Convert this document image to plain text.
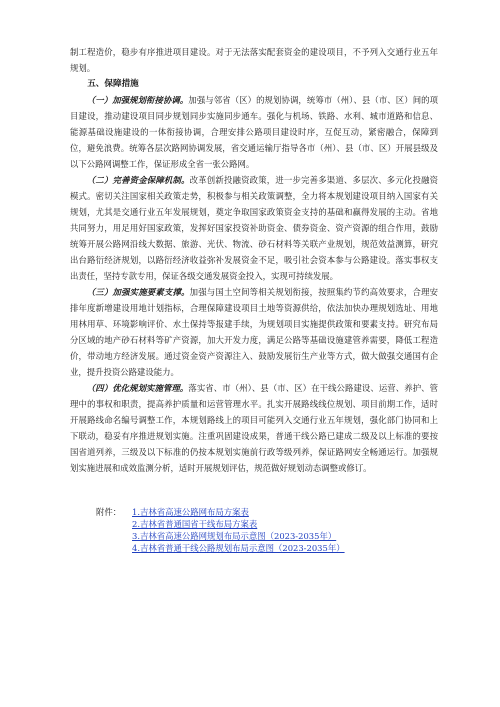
制工程造价，稳步有序推进项目建设。对于无法落实配套资金的建设项目，不予列入交通行业五年规划。

五、保障措施

（一）加强规划衔接协调。加强与邻省（区）的规划协调，统筹市（州）、县（市、区）间的项目建设，推动建设项目同步规划同步实施同步通车。强化与机场、铁路、水利、城市道路和信息、能源基础设施建设的一体衔接协调，合理安排公路项目建设时序，互促互动，紧密融合，保障到位，避免浪费。统筹各层次路网协调发展，省交通运输厅指导各市（州）、县（市、区）开展县级及以下公路网调整工作，保证形成全省一张公路网。

（二）完善资金保障机制。改革创新投融资政策，进一步完善多渠道、多层次、多元化投融资模式。密切关注国家相关政策走势，积极参与相关政策调整，全力将本规划建设项目纳入国家有关规划，尤其是交通行业五年发展规划，奠定争取国家政策资金支持的基础和赢得发展的主动。省地共同努力，用足用好国家政策，发挥好国家投资补助资金、债券资金、资产资源的组合作用，鼓励统筹开展公路网沿线大数据、旅游、光伏、物流、砂石材料等关联产业规划，规范效益测算，研究出台路衍经济规划，以路衍经济收益弥补发展资金不足，吸引社会资本参与公路建设。落实事权支出责任，坚持专款专用，保证各级交通发展资金投入，实现可持续发展。

（三）加强实施要素支撑。加强与国土空间等相关规划衔接，按照集约节约高效要求，合理安排年度新增建设用地计划指标，合理保障建设项目土地等资源供给，依法加快办理规划选址、用地用林用草、环境影响评价、水土保持等报建手续，为规划项目实施提供政策和要素支持。研究布局分区域的地产砂石材料等矿产资源，加大开发力度，满足公路等基础设施建管养需要，降低工程造价，带动地方经济发展。通过资金资产资源注入、鼓励发展衍生产业等方式，做大做强交通国有企业，提升投资公路建设能力。

（四）优化规划实施管理。落实省、市（州）、县（市、区）在干线公路建设、运营、养护、管理中的事权和职责，提高养护质量和运营管理水平。扎实开展路线线位规划、项目前期工作，适时开展路线命名编号调整工作，本规划路线上的项目可能列入交通行业五年规划，强化部门协同和上下联动，稳妥有序推进规划实施。注重巩固建设成果，普通干线公路已建成二级及以上标准的要按国省道列养，三级及以下标准的仍按本规划实施前行政等级列养，保证路网安全畅通运行。加强规划实施进展和成效监测分析，适时开展规划评估，规范做好规划动态调整或修订。

附件： 1.吉林省高速公路网布局方案表
2.吉林省普通国省干线布局方案表
3.吉林省高速公路网规划布局示意图（2023-2035年）
4.吉林省普通干线公路规划布局示意图（2023-2035年）
